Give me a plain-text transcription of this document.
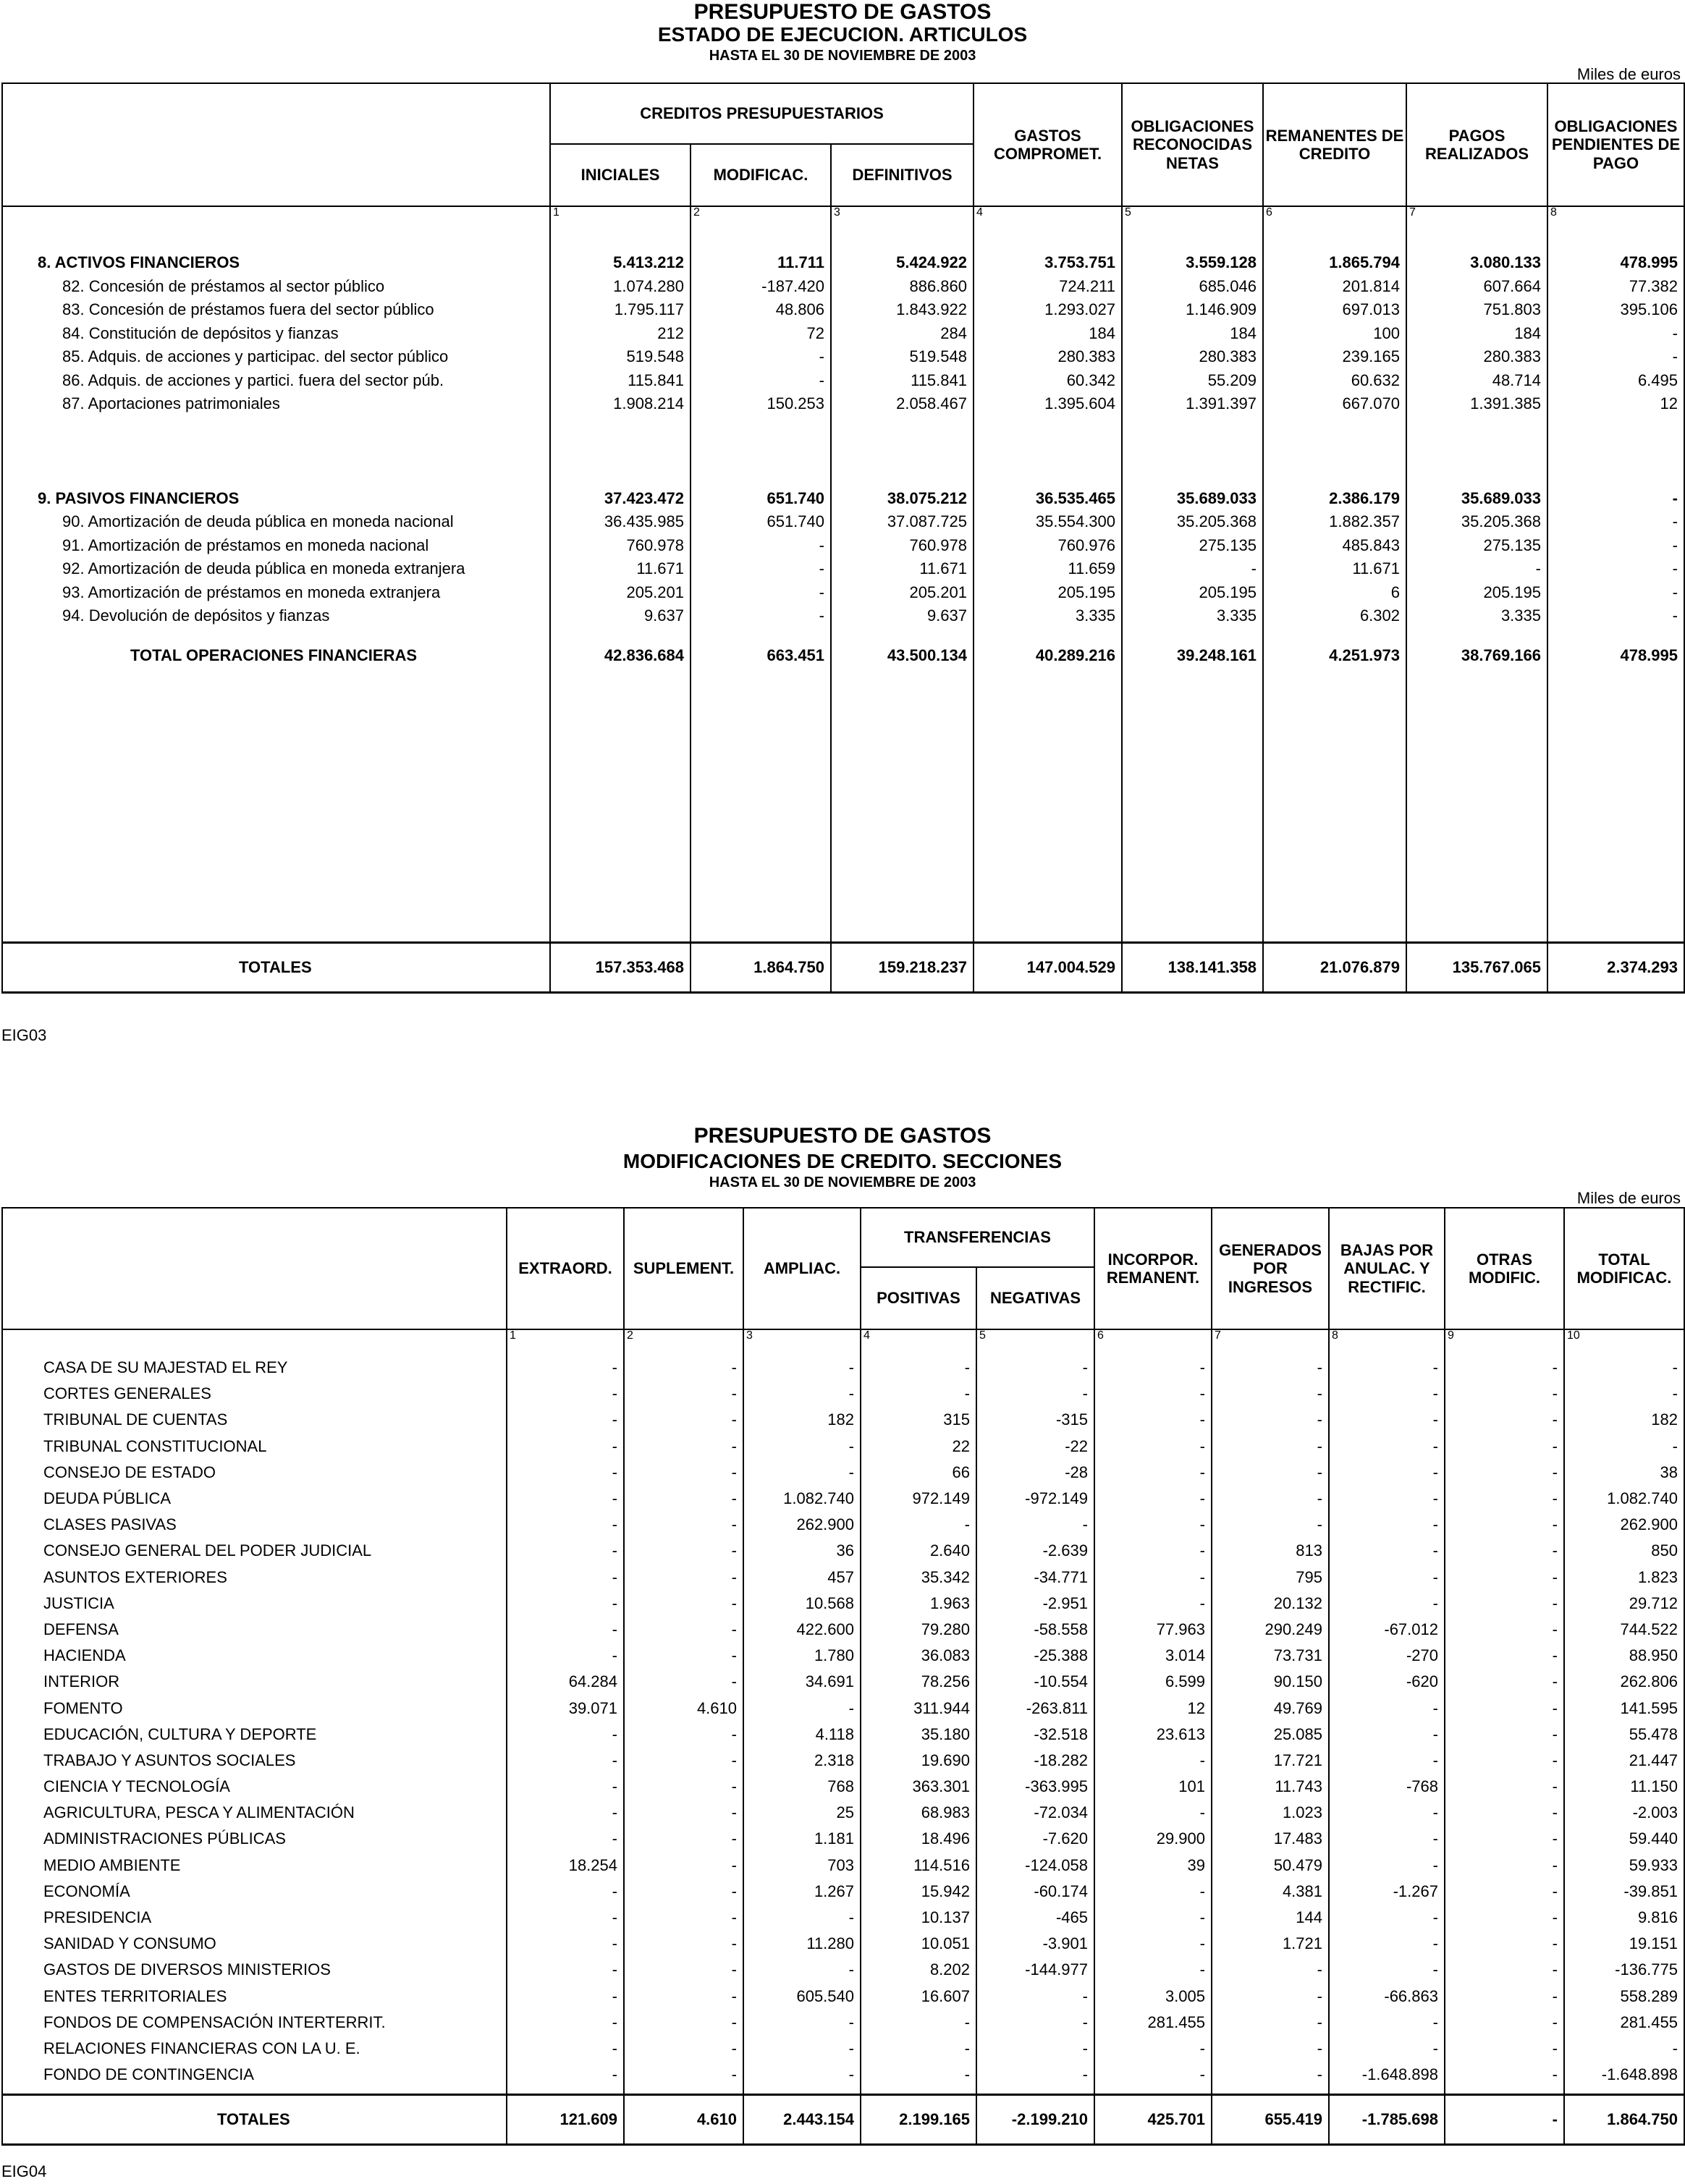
PRESUPUESTO DE GASTOS
ESTADO DE EJECUCION. ARTICULOS
HASTA EL 30 DE NOVIEMBRE DE 2003
Miles de euros
	CREDITOS PRESUPUESTARIOS			GASTOS COMPROMET.	OBLIGACIONES RECONOCIDAS NETAS	REMANENTES DE CREDITO	PAGOS REALIZADOS	OBLIGACIONES PENDIENTES DE PAGO
	INICIALES	MODIFICAC.	DEFINITIVOS					
	1	2	3	4	5	6	7	8

8. ACTIVOS FINANCIEROS	5.413.212	11.711	5.424.922	3.753.751	3.559.128	1.865.794	3.080.133	478.995
82. Concesión de préstamos al sector público	1.074.280	-187.420	886.860	724.211	685.046	201.814	607.664	77.382
83. Concesión de préstamos fuera del sector público	1.795.117	48.806	1.843.922	1.293.027	1.146.909	697.013	751.803	395.106
84. Constitución de depósitos y fianzas	212	72	284	184	184	100	184	-
85. Adquis. de acciones y participac. del sector público	519.548	-	519.548	280.383	280.383	239.165	280.383	-
86. Adquis. de acciones y partici. fuera del sector púb.	115.841	-	115.841	60.342	55.209	60.632	48.714	6.495
87. Aportaciones patrimoniales	1.908.214	150.253	2.058.467	1.395.604	1.391.397	667.070	1.391.385	12

9. PASIVOS FINANCIEROS	37.423.472	651.740	38.075.212	36.535.465	35.689.033	2.386.179	35.689.033	-
90. Amortización de deuda pública en moneda nacional	36.435.985	651.740	37.087.725	35.554.300	35.205.368	1.882.357	35.205.368	-
91. Amortización de préstamos en moneda nacional	760.978	-	760.978	760.976	275.135	485.843	275.135	-
92. Amortización de deuda pública en moneda extranjera	11.671	-	11.671	11.659	-	11.671	-	-
93. Amortización de préstamos en moneda extranjera	205.201	-	205.201	205.195	205.195	6	205.195	-
94. Devolución de depósitos y fianzas	9.637	-	9.637	3.335	3.335	6.302	3.335	-

TOTAL OPERACIONES FINANCIERAS	42.836.684	663.451	43.500.134	40.289.216	39.248.161	4.251.973	38.769.166	478.995

TOTALES	157.353.468	1.864.750	159.218.237	147.004.529	138.141.358	21.076.879	135.767.065	2.374.293
EIG03
PRESUPUESTO DE GASTOS
MODIFICACIONES DE CREDITO. SECCIONES
HASTA EL 30 DE NOVIEMBRE DE 2003
Miles de euros
	EXTRAORD.	SUPLEMENT.	AMPLIAC.	TRANSFERENCIAS		INCORPOR. REMANENT.	GENERADOS POR INGRESOS	BAJAS POR ANULAC. Y RECTIFIC.	OTRAS MODIFIC.	TOTAL MODIFICAC.
				POSITIVAS	NEGATIVAS					
	1	2	3	4	5	6	7	8	9	10

CASA DE SU MAJESTAD EL REY	-	-	-	-	-	-	-	-	-	-
CORTES GENERALES	-	-	-	-	-	-	-	-	-	-
TRIBUNAL DE CUENTAS	-	-	182	315	-315	-	-	-	-	182
TRIBUNAL CONSTITUCIONAL	-	-	-	22	-22	-	-	-	-	-
CONSEJO DE ESTADO	-	-	-	66	-28	-	-	-	-	38
DEUDA PÚBLICA	-	-	1.082.740	972.149	-972.149	-	-	-	-	1.082.740
CLASES PASIVAS	-	-	262.900	-	-	-	-	-	-	262.900
CONSEJO GENERAL DEL PODER JUDICIAL	-	-	36	2.640	-2.639	-	813	-	-	850
ASUNTOS EXTERIORES	-	-	457	35.342	-34.771	-	795	-	-	1.823
JUSTICIA	-	-	10.568	1.963	-2.951	-	20.132	-	-	29.712
DEFENSA	-	-	422.600	79.280	-58.558	77.963	290.249	-67.012	-	744.522
HACIENDA	-	-	1.780	36.083	-25.388	3.014	73.731	-270	-	88.950
INTERIOR	64.284	-	34.691	78.256	-10.554	6.599	90.150	-620	-	262.806
FOMENTO	39.071	4.610	-	311.944	-263.811	12	49.769	-	-	141.595
EDUCACIÓN, CULTURA Y DEPORTE	-	-	4.118	35.180	-32.518	23.613	25.085	-	-	55.478
TRABAJO Y ASUNTOS SOCIALES	-	-	2.318	19.690	-18.282	-	17.721	-	-	21.447
CIENCIA Y TECNOLOGÍA	-	-	768	363.301	-363.995	101	11.743	-768	-	11.150
AGRICULTURA, PESCA Y ALIMENTACIÓN	-	-	25	68.983	-72.034	-	1.023	-	-	-2.003
ADMINISTRACIONES PÚBLICAS	-	-	1.181	18.496	-7.620	29.900	17.483	-	-	59.440
MEDIO AMBIENTE	18.254	-	703	114.516	-124.058	39	50.479	-	-	59.933
ECONOMÍA	-	-	1.267	15.942	-60.174	-	4.381	-1.267	-	-39.851
PRESIDENCIA	-	-	-	10.137	-465	-	144	-	-	9.816
SANIDAD Y CONSUMO	-	-	11.280	10.051	-3.901	-	1.721	-	-	19.151
GASTOS DE DIVERSOS MINISTERIOS	-	-	-	8.202	-144.977	-	-	-	-	-136.775
ENTES TERRITORIALES	-	-	605.540	16.607	-	3.005	-	-66.863	-	558.289
FONDOS DE COMPENSACIÓN INTERTERRIT.	-	-	-	-	-	281.455	-	-	-	281.455
RELACIONES FINANCIERAS CON LA U. E.	-	-	-	-	-	-	-	-	-	-
FONDO DE CONTINGENCIA	-	-	-	-	-	-	-	-1.648.898	-	-1.648.898

TOTALES	121.609	4.610	2.443.154	2.199.165	-2.199.210	425.701	655.419	-1.785.698	-	1.864.750
EIG04
